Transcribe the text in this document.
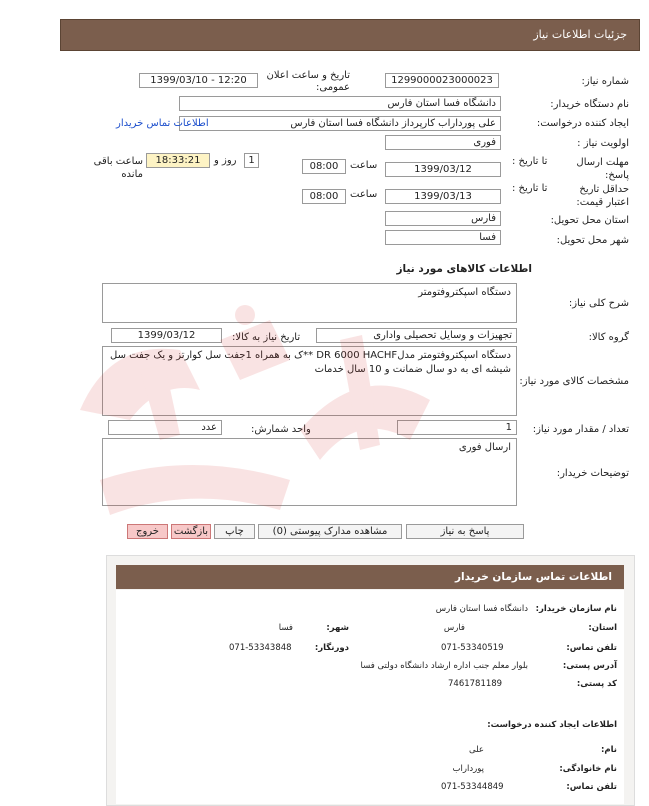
جزئیات اطلاعات نیاز
شماره نیاز:
1299000023000023
تاریخ و ساعت اعلان عمومی:
1399/03/10 - 12:20
نام دستگاه خریدار:
دانشگاه فسا استان فارس
ایجاد کننده درخواست:
علی پورداراب کارپرداز دانشگاه فسا استان فارس
اطلاعات تماس خریدار
اولویت نیاز :
فوری
مهلت ارسال پاسخ:
تا تاریخ :
1399/03/12
ساعت
08:00
1
روز و
18:33:21
ساعت باقی مانده
حداقل تاریخ اعتبار قیمت:
تا تاریخ :
1399/03/13
ساعت
08:00
استان محل تحویل:
فارس
شهر محل تحویل:
فسا
اطلاعات کالاهای مورد نیاز
شرح کلی نیاز:
دستگاه اسپکتروفتومتر
گروه کالا:
تجهیزات و وسایل تحصیلی واداری
تاریخ نیاز به کالا:
1399/03/12
مشخصات کالای مورد نیاز:
دستگاه اسپکتروفتومتر مدلDR 6000 HACHF **ک به همراه 1جفت سل کوارتز و یک جفت سل شیشه ای به دو سال ضمانت و 10 سال خدمات
تعداد / مقدار مورد نیاز:
1
واحد شمارش:
عدد
توضیحات خریدار:
ارسال فوری
پاسخ به نیاز
مشاهده مدارک پیوستی (0)
چاپ
بازگشت
خروج
اطلاعات تماس سازمان خریدار
نام سازمان خریدار:
دانشگاه فسا استان فارس
استان:
فارس
شهر:
فسا
تلفن تماس:
071-53340519
دورنگار:
071-53343848
آدرس پستی:
بلوار معلم جنب اداره ارشاد دانشگاه دولتی فسا
کد پستی:
7461781189
اطلاعات ایجاد کننده درخواست:
نام:
علی
نام خانوادگی:
پورداراب
تلفن تماس:
071-53344849
